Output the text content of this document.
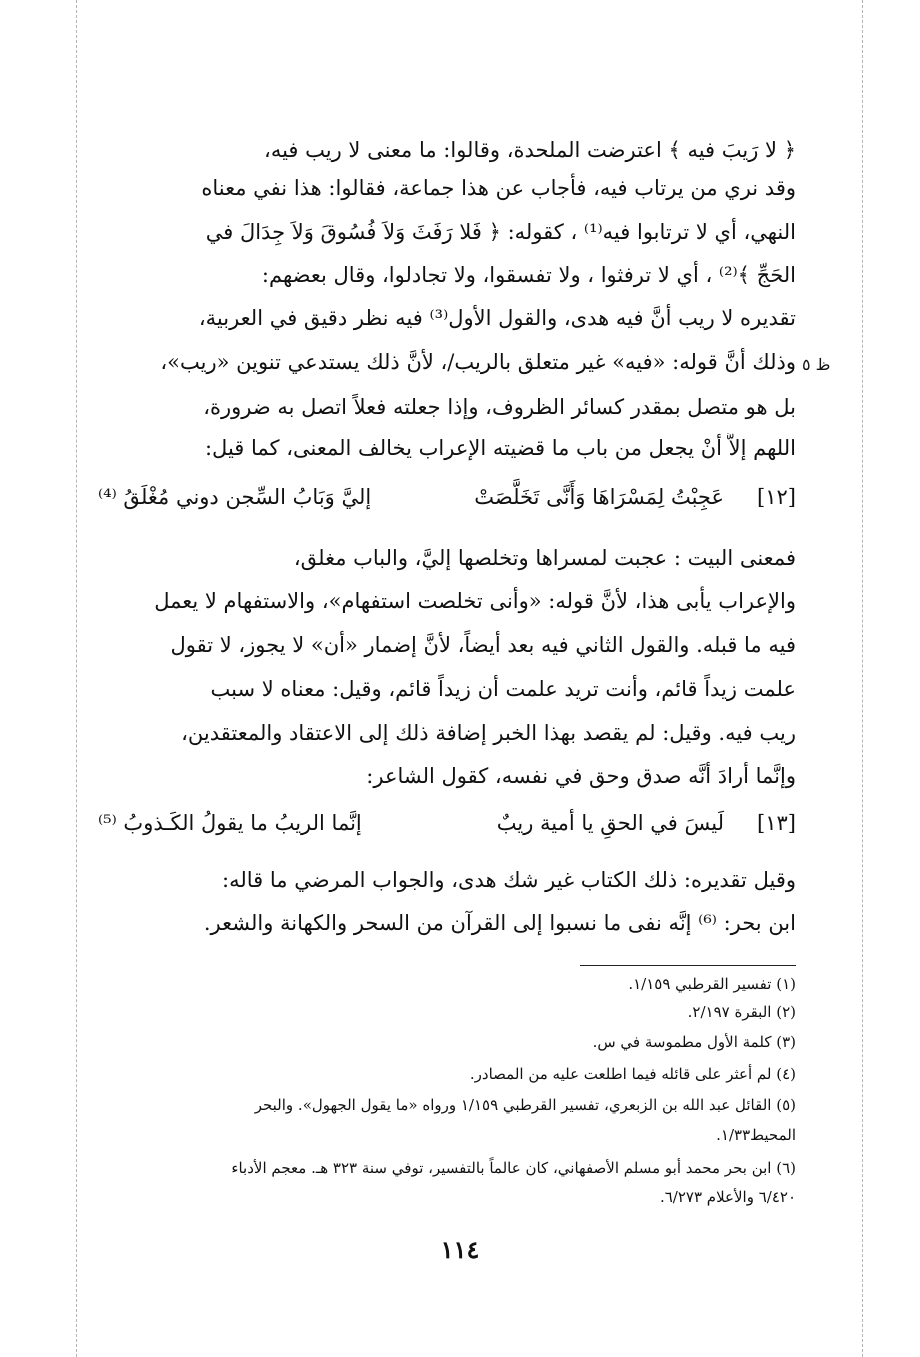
﴿ لا رَيبَ فيه ﴾ اعترضت الملحدة، وقالوا: ما معنى لا ريب فيه،
وقد نري من يرتاب فيه، فأجاب عن هذا جماعة، فقالوا: هذا نفي معناه
النهي، أي لا ترتابوا فيه⁽¹⁾ ، كقوله: ﴿ فَلا رَفَثَ وَلاَ فُسُوقَ وَلاَ جِدَالَ في
الحَجِّ ﴾⁽²⁾ ، أي لا ترفثوا ، ولا تفسقوا، ولا تجادلوا، وقال بعضهم:
تقديره لا ريب أنَّ فيه هدى، والقول الأول⁽³⁾ فيه نظر دقيق في العربية،
وذلك أنَّ قوله: «فيه» غير متعلق بالريب/، لأنَّ ذلك يستدعي تنوين «ريب»،
بل هو متصل بمقدر كسائر الظروف، وإذا جعلته فعلاً اتصل به ضرورة،
اللهم إلاَّ أنْ يجعل من باب ما قضيته الإعراب يخالف المعنى، كما قيل:
ظ ٥
[١٢]
عَجِبْتُ لِمَسْرَاهَا وَأَنَّى تَخَلَّصَتْ
إليَّ وَبَابُ السِّجن دوني مُغْلَقُ ⁽⁴⁾
فمعنى البيت : عجبت لمسراها وتخلصها إليَّ، والباب مغلق،
والإعراب يأبى هذا، لأنَّ قوله: «وأنى تخلصت استفهام»، والاستفهام لا يعمل
فيه ما قبله. والقول الثاني فيه بعد أيضاً، لأنَّ إضمار «أن» لا يجوز، لا تقول
علمت زيداً قائم، وأنت تريد علمت أن زيداً قائم، وقيل: معناه لا سبب
ريب فيه. وقيل: لم يقصد بهذا الخبر إضافة ذلك إلى الاعتقاد والمعتقدين،
وإنَّما أرادَ أنَّه صدق وحق في نفسه، كقول الشاعر:
[١٣]
لَيسَ في الحقِ يا أمية ريبٌ
إنَّما الريبُ ما يقولُ الكَـذوبُ ⁽⁵⁾
وقيل تقديره: ذلك الكتاب غير شك هدى، والجواب المرضي ما قاله:
ابن بحر: ⁽⁶⁾ إنَّه نفى ما نسبوا إلى القرآن من السحر والكهانة والشعر.
(١) تفسير القرطبي ١/١٥٩.
(٢) البقرة ٢/١٩٧.
(٣) كلمة الأول مطموسة في س.
(٤) لم أعثر على قائله فيما اطلعت عليه من المصادر.
(٥) القائل عبد الله بن الزبعري، تفسير القرطبي ١/١٥٩ ورواه «ما يقول الجهول». والبحر
المحيط١/٣٣.
(٦) ابن بحر محمد أبو مسلم الأصفهاني، كان عالماً بالتفسير، توفي سنة ٣٢٣ هـ. معجم الأدباء
٦/٤٢٠ والأعلام ٦/٢٧٣.
١١٤
